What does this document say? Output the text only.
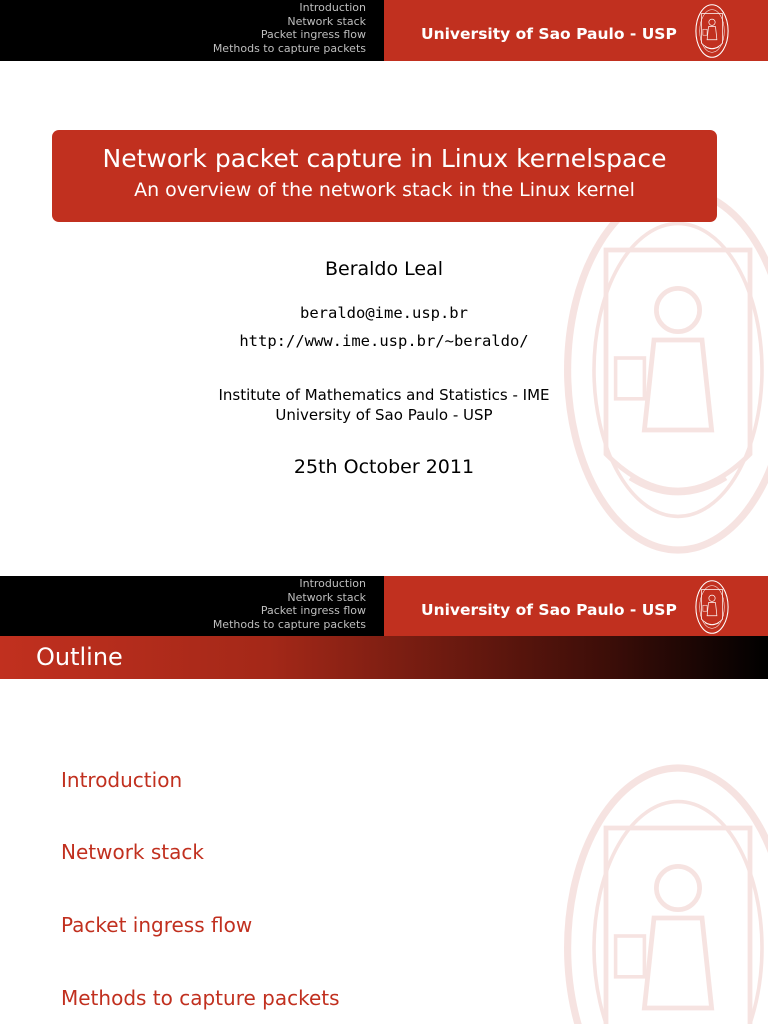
Introduction
Network stack
Packet ingress flow
Methods to capture packets
University of Sao Paulo - USP
Network packet capture in Linux kernelspace
An overview of the network stack in the Linux kernel
Beraldo Leal
beraldo@ime.usp.br
http://www.ime.usp.br/~beraldo/
Institute of Mathematics and Statistics - IME
University of Sao Paulo - USP
25th October 2011
Introduction
Network stack
Packet ingress flow
Methods to capture packets
University of Sao Paulo - USP
Outline
Introduction
Network stack
Packet ingress flow
Methods to capture packets
